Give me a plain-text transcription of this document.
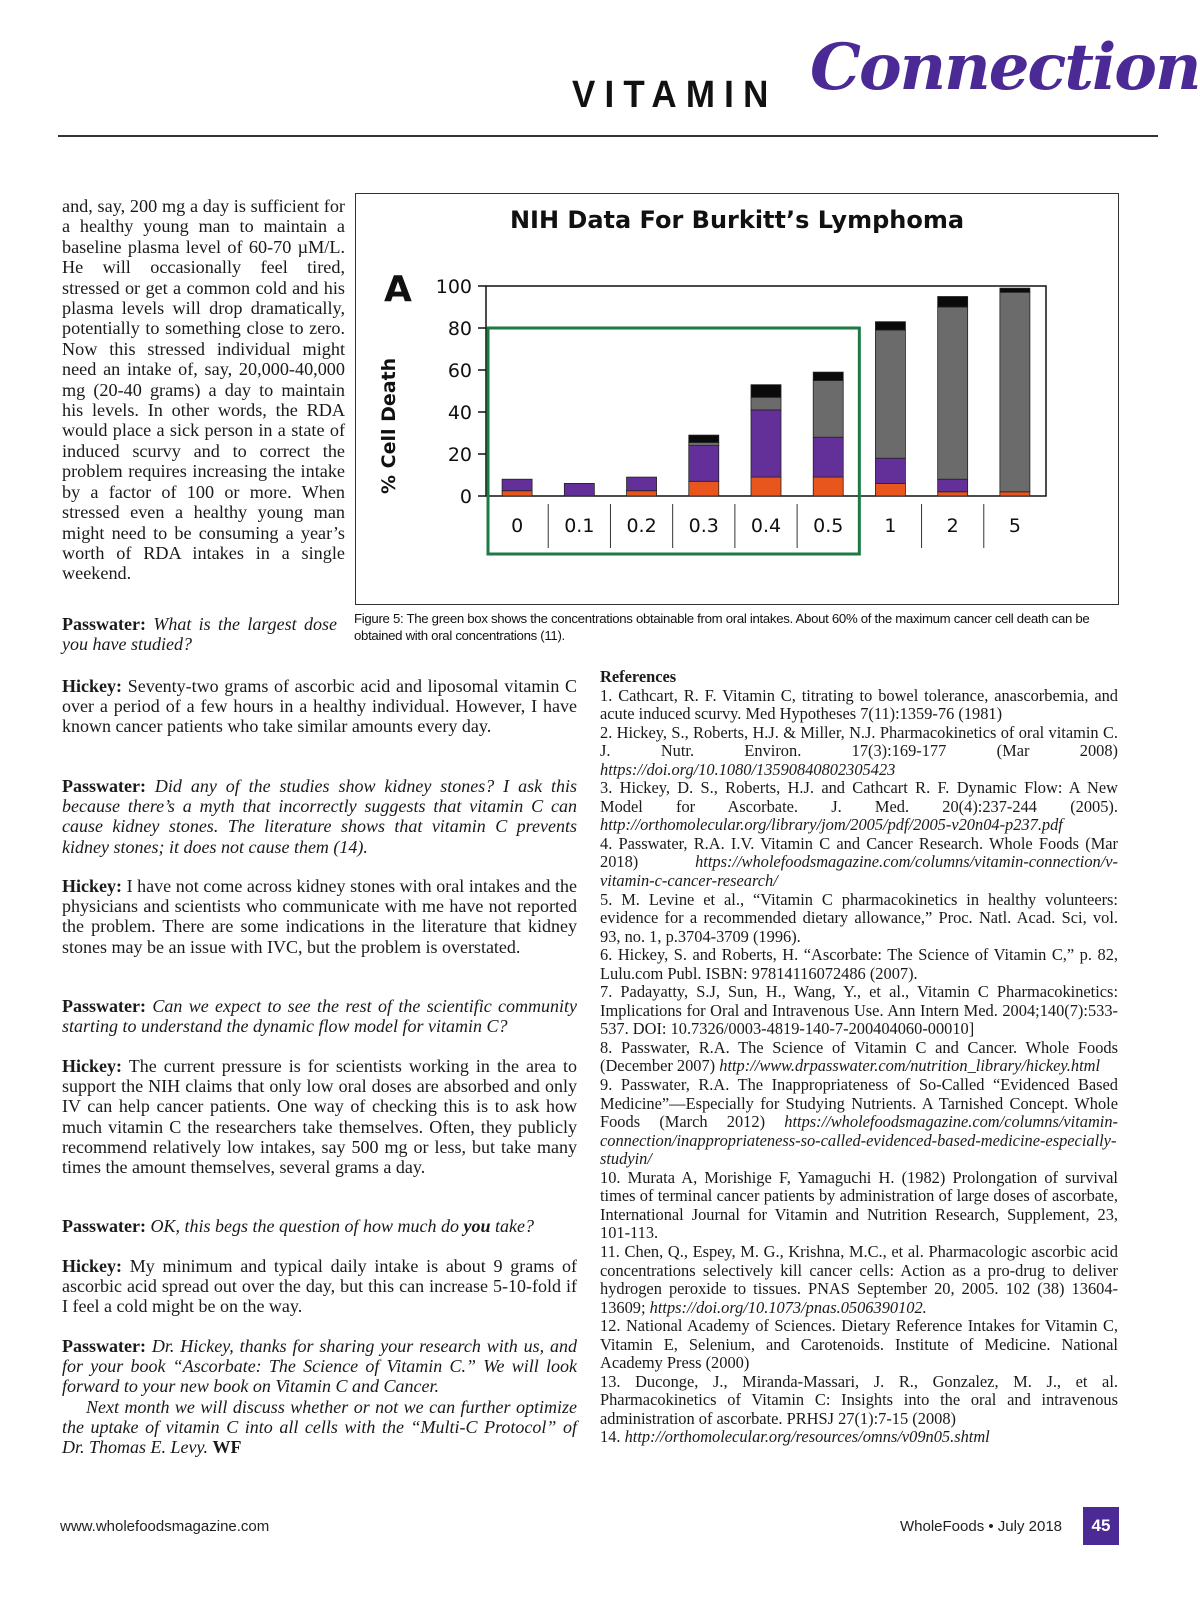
VITAMIN Connection

and, say, 200 mg a day is sufficient for a healthy young man to maintain a baseline plasma level of 60-70 µM/L. He will occasionally feel tired, stressed or get a common cold and his plasma levels will drop dramatically, potentially to something close to zero. Now this stressed individual might need an intake of, say, 20,000-40,000 mg (20-40 grams) a day to maintain his levels. In other words, the RDA would place a sick person in a state of induced scurvy and to correct the problem requires increasing the intake by a factor of 100 or more. When stressed even a healthy young man might need to be consuming a year’s worth of RDA intakes in a single weekend.

NIH Data For Burkitt’s Lymphoma
A
% Cell Death
0
20
40
60
80
100
0 0.1 0.2 0.3 0.4 0.5 1	2	5
Figure 5: The green box shows the concentrations obtainable from oral intakes. About 60% of the maximum cancer cell death can be obtained with oral concentrations (11).
Passwater: What is the largest dose you have studied?
Hickey: Seventy-two grams of ascorbic acid and liposomal vitamin C over a period of a few hours in a healthy individual. However, I have known cancer patients who take similar amounts every day.
Passwater: Did any of the studies show kidney stones? I ask this because there’s a myth that incorrectly suggests that vitamin C can cause kidney stones. The literature shows that vitamin C prevents kidney stones; it does not cause them (14).
Hickey: I have not come across kidney stones with oral intakes and the physicians and scientists who communicate with me have not reported the problem. There are some indications in the literature that kidney stones may be an issue with IVC, but the problem is overstated.
Passwater: Can we expect to see the rest of the scientific community starting to understand the dynamic flow model for vitamin C?
Hickey: The current pressure is for scientists working in the area to support the NIH claims that only low oral doses are absorbed and only IV can help cancer patients. One way of checking this is to ask how much vitamin C the researchers take themselves. Often, they publicly recommend relatively low intakes, say 500 mg or less, but take many times the amount themselves, several grams a day.
Passwater: OK, this begs the question of how much do you take?
Hickey: My minimum and typical daily intake is about 9 grams of ascorbic acid spread out over the day, but this can increase 5-10-fold if I feel a cold might be on the way.
Passwater: Dr. Hickey, thanks for sharing your research with us, and for your book “Ascorbate: The Science of Vitamin C.” We will look forward to your new book on Vitamin C and Cancer.
Next month we will discuss whether or not we can further optimize the uptake of vitamin C into all cells with the “Multi-C Protocol” of Dr. Thomas E. Levy. WF
References
1. Cathcart, R. F. Vitamin C, titrating to bowel tolerance, anascorbemia, and acute induced scurvy. Med Hypotheses 7(11):1359-76 (1981)
2. Hickey, S., Roberts, H.J. & Miller, N.J. Pharmacokinetics of oral vitamin C. J. Nutr. Environ. 17(3):169-177 (Mar 2008) https://doi.org/10.1080/13590840802305423
3. Hickey, D. S., Roberts, H.J. and Cathcart R. F. Dynamic Flow: A New Model for Ascorbate. J. Med. 20(4):237-244 (2005). http://orthomolecular.org/library/jom/2005/pdf/2005-v20n04-p237.pdf
4. Passwater, R.A. I.V. Vitamin C and Cancer Research. Whole Foods (Mar 2018)	https://wholefoodsmagazine.com/columns/vitamin-connection/v-vitamin-c-cancer-research/
5. M. Levine et al., “Vitamin C pharmacokinetics in healthy volunteers: evidence for a recommended dietary allowance,” Proc. Natl. Acad. Sci, vol. 93, no. 1, p.3704-3709 (1996).
6. Hickey, S. and Roberts, H. “Ascorbate: The Science of Vitamin C,” p. 82, Lulu.com Publ. ISBN: 97814116072486 (2007).
7. Padayatty, S.J, Sun, H., Wang, Y., et al., Vitamin C Pharmacokinetics: Implications for Oral and Intravenous Use. Ann Intern Med. 2004;140(7):533-537. DOI: 10.7326/0003-4819-140-7-200404060-00010]
8. Passwater, R.A. The Science of Vitamin C and Cancer. Whole Foods (December 2007) http://www.drpasswater.com/nutrition_library/hickey.html
9. Passwater, R.A. The Inappropriateness of So-Called “Evidenced Based Medicine”—Especially for Studying Nutrients. A Tarnished Concept. Whole Foods (March 2012) https://wholefoodsmagazine.com/columns/vitamin-connection/inappropriateness-so-called-evidenced-based-medicine-especially-studyin/
10. Murata A, Morishige F, Yamaguchi H. (1982) Prolongation of survival times of terminal cancer patients by administration of large doses of ascorbate, International Journal for Vitamin and Nutrition Research, Supplement, 23, 101-113.
11. Chen, Q., Espey, M. G., Krishna, M.C., et al. Pharmacologic ascorbic acid concentrations selectively kill cancer cells: Action as a pro-drug to deliver hydrogen peroxide to tissues. PNAS September 20, 2005. 102 (38) 13604-13609; https://doi.org/10.1073/pnas.0506390102.
12. National Academy of Sciences. Dietary Reference Intakes for Vitamin C, Vitamin E, Selenium, and Carotenoids. Institute of Medicine. National Academy Press (2000)
13. Duconge, J., Miranda-Massari, J. R., Gonzalez, M. J., et al. Pharmacokinetics of Vitamin C: Insights into the oral and intravenous administration of ascorbate. PRHSJ 27(1):7-15 (2008)
14. http://orthomolecular.org/resources/omns/v09n05.shtml
www.wholefoodsmagazine.com	WholeFoods • July 2018	45
